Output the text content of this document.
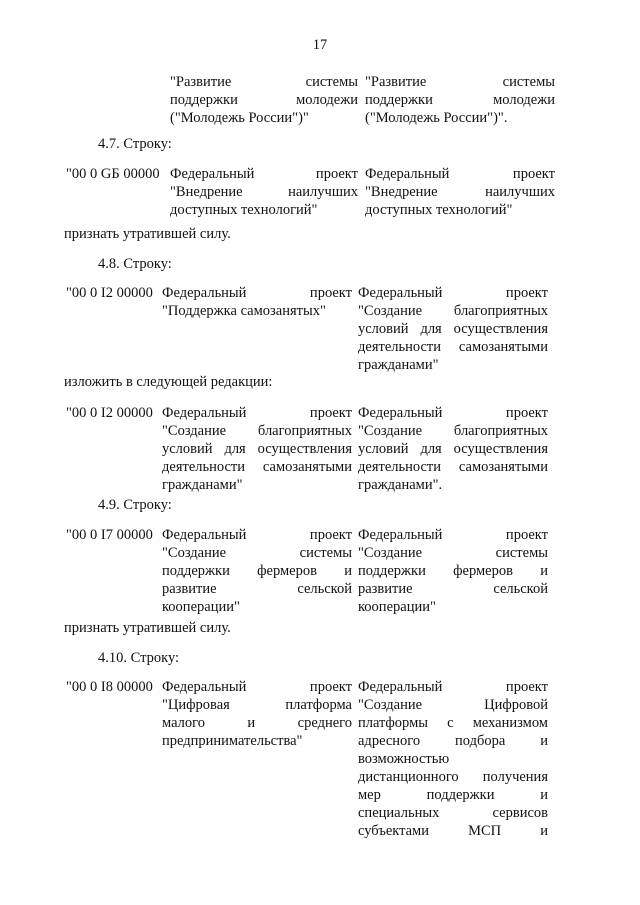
17
"Развитие системы
поддержки молодежи
("Молодежь России")"
"Развитие системы
поддержки молодежи
("Молодежь России")".
4.7. Строку:
"00 0 GБ 00000 Федеральный проект
"Внедрение наилучших
доступных технологий"
Федеральный проект
"Внедрение наилучших
доступных технологий"
признать утратившей силу.
4.8. Строку:
"00 0 I2 00000 Федеральный проект
"Поддержка самозанятых"
Федеральный проект
"Создание благоприятных
условий для осуществления
деятельности самозанятыми
гражданами"
изложить в следующей редакции:
"00 0 I2 00000 Федеральный проект
"Создание благоприятных
условий для осуществления
деятельности самозанятыми
гражданами"
Федеральный проект
"Создание благоприятных
условий для осуществления
деятельности самозанятыми
гражданами".
4.9. Строку:
"00 0 I7 00000 Федеральный проект
"Создание системы
поддержки фермеров и
развитие сельской
кооперации"
Федеральный проект
"Создание системы
поддержки фермеров и
развитие сельской
кооперации"
признать утратившей силу.
4.10. Строку:
"00 0 I8 00000 Федеральный проект
"Цифровая платформа
малого и среднего
предпринимательства"
Федеральный проект
"Создание Цифровой
платформы с механизмом
адресного подбора и
возможностью
дистанционного получения
мер поддержки и
специальных сервисов
субъектами МСП и
